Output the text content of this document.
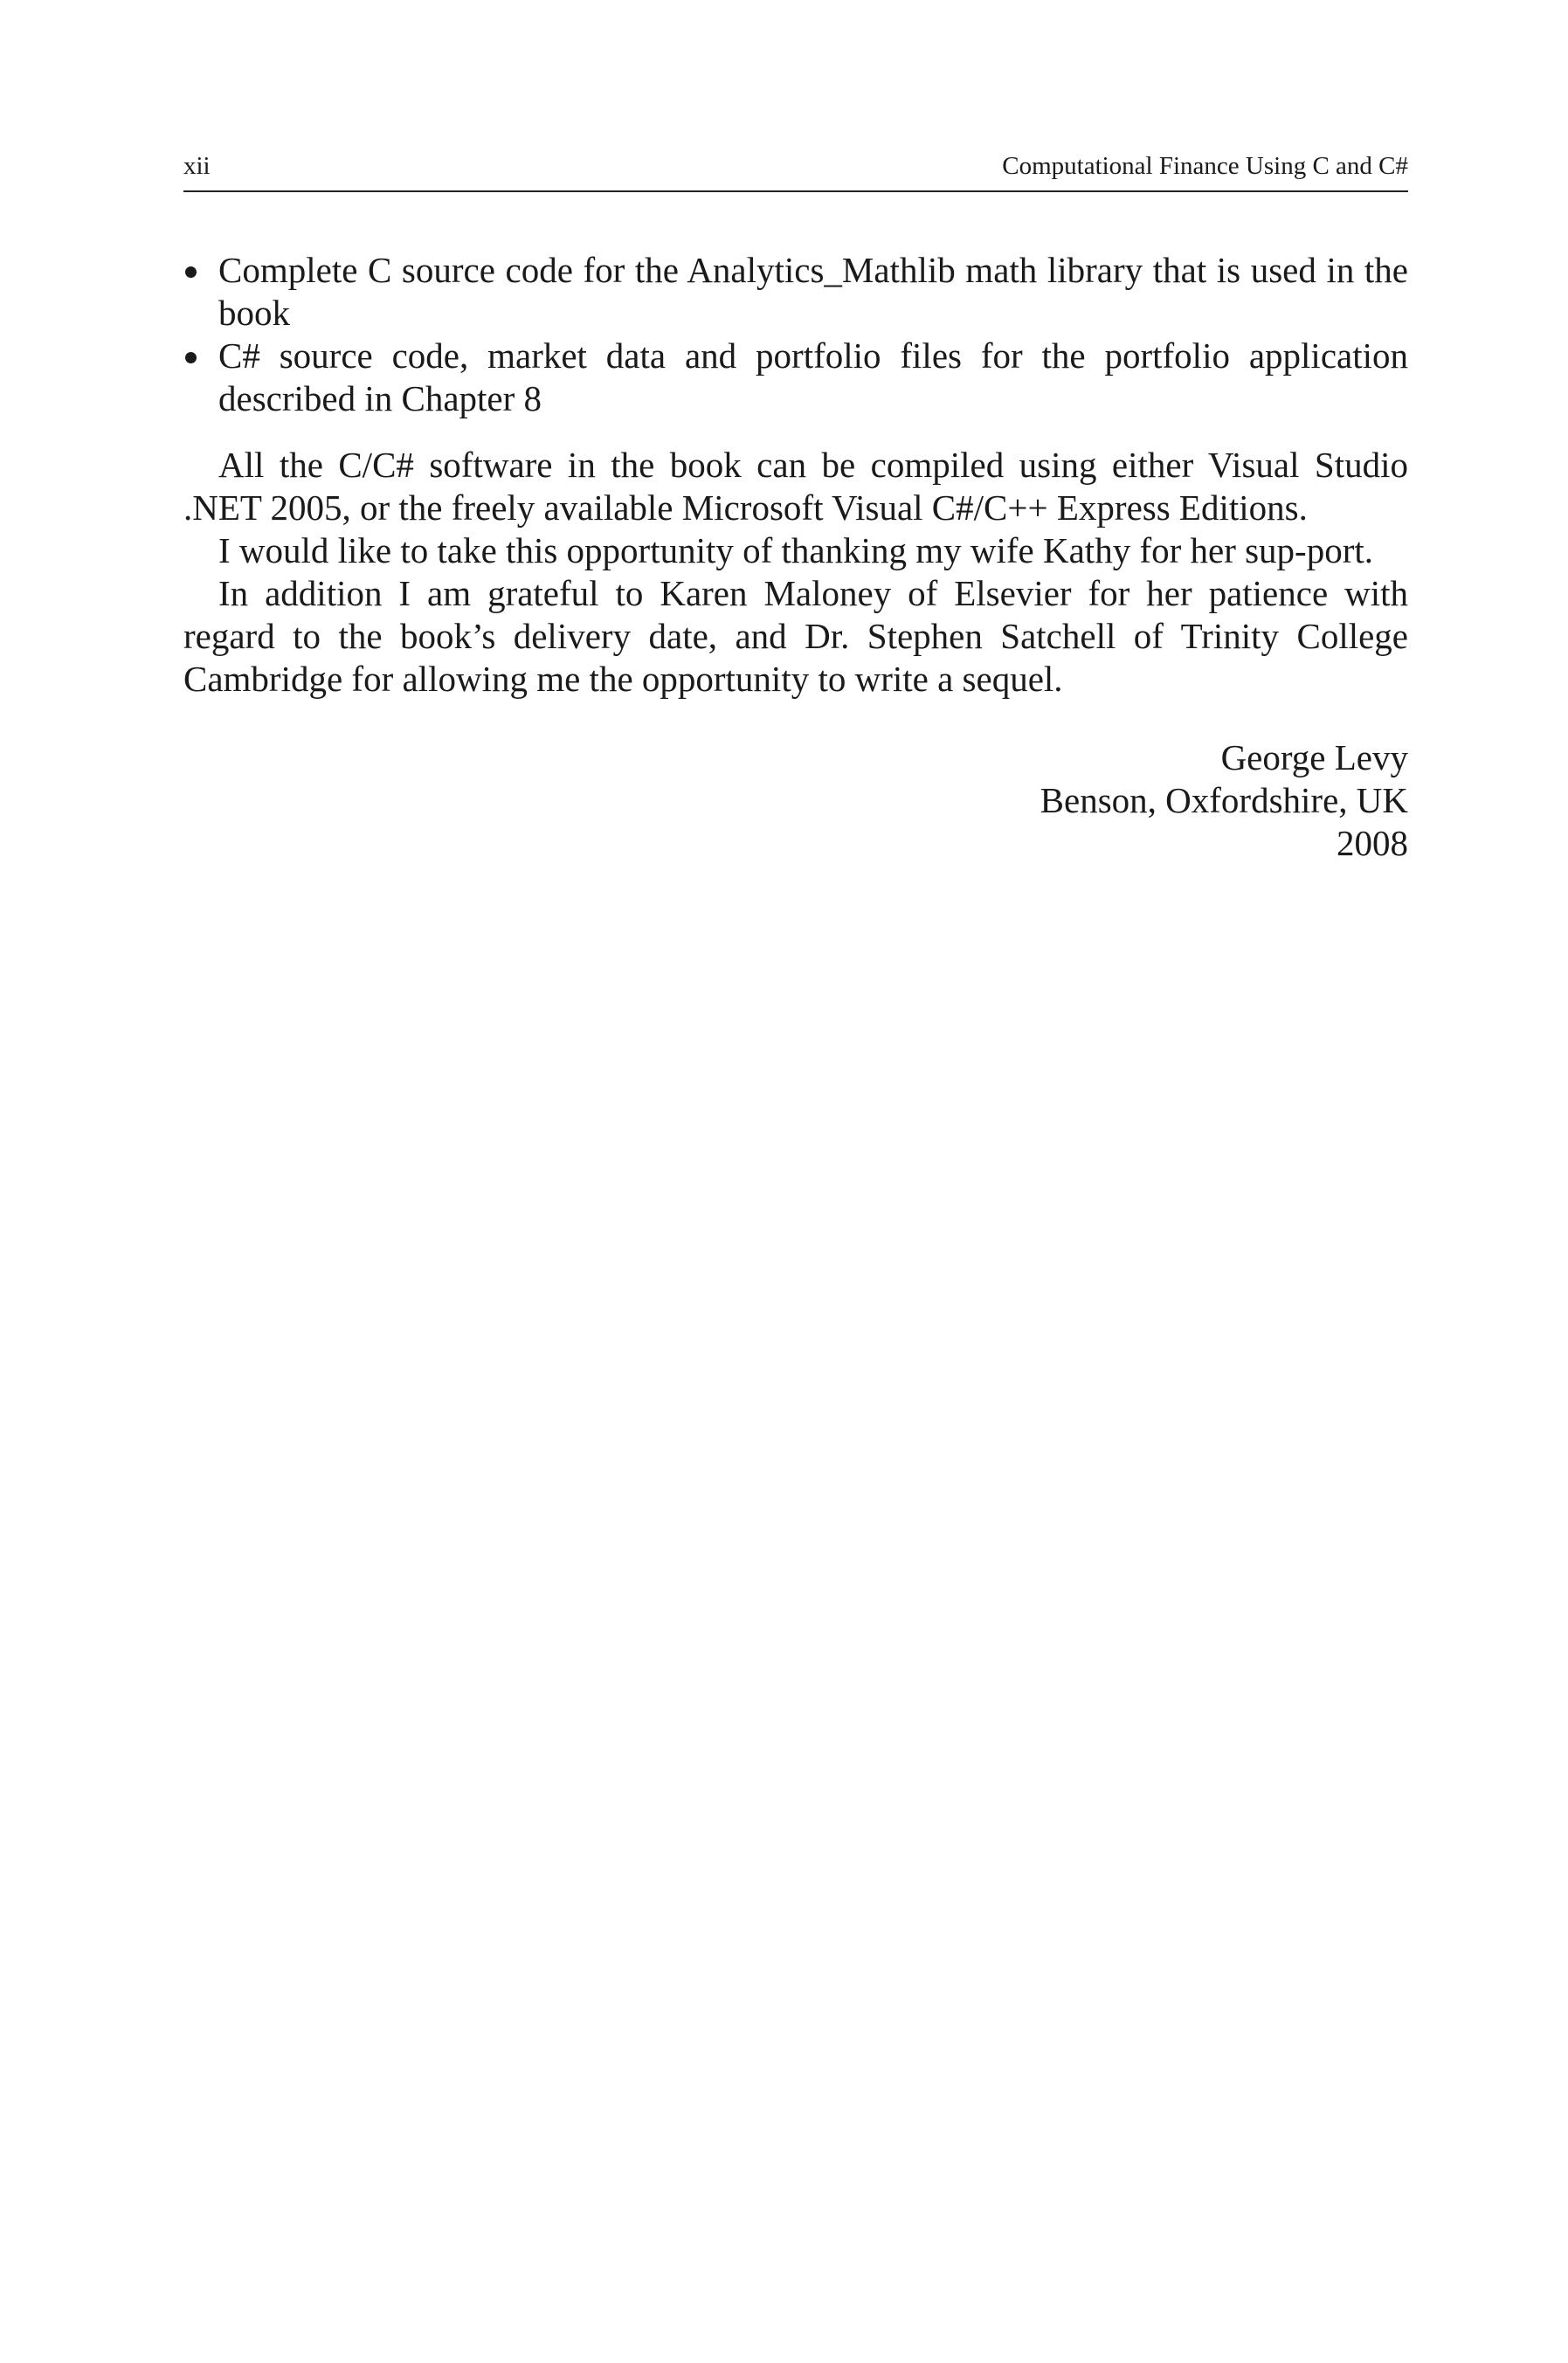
xii	Computational Finance Using C and C#
Complete C source code for the Analytics_Mathlib math library that is used in the book
C# source code, market data and portfolio files for the portfolio application described in Chapter 8

All the C/C# software in the book can be compiled using either Visual Studio .NET 2005, or the freely available Microsoft Visual C#/C++ Express Editions.

I would like to take this opportunity of thanking my wife Kathy for her sup-port.

In addition I am grateful to Karen Maloney of Elsevier for her patience with regard to the book’s delivery date, and Dr. Stephen Satchell of Trinity College Cambridge for allowing me the opportunity to write a sequel.

George Levy
Benson, Oxfordshire, UK
2008
